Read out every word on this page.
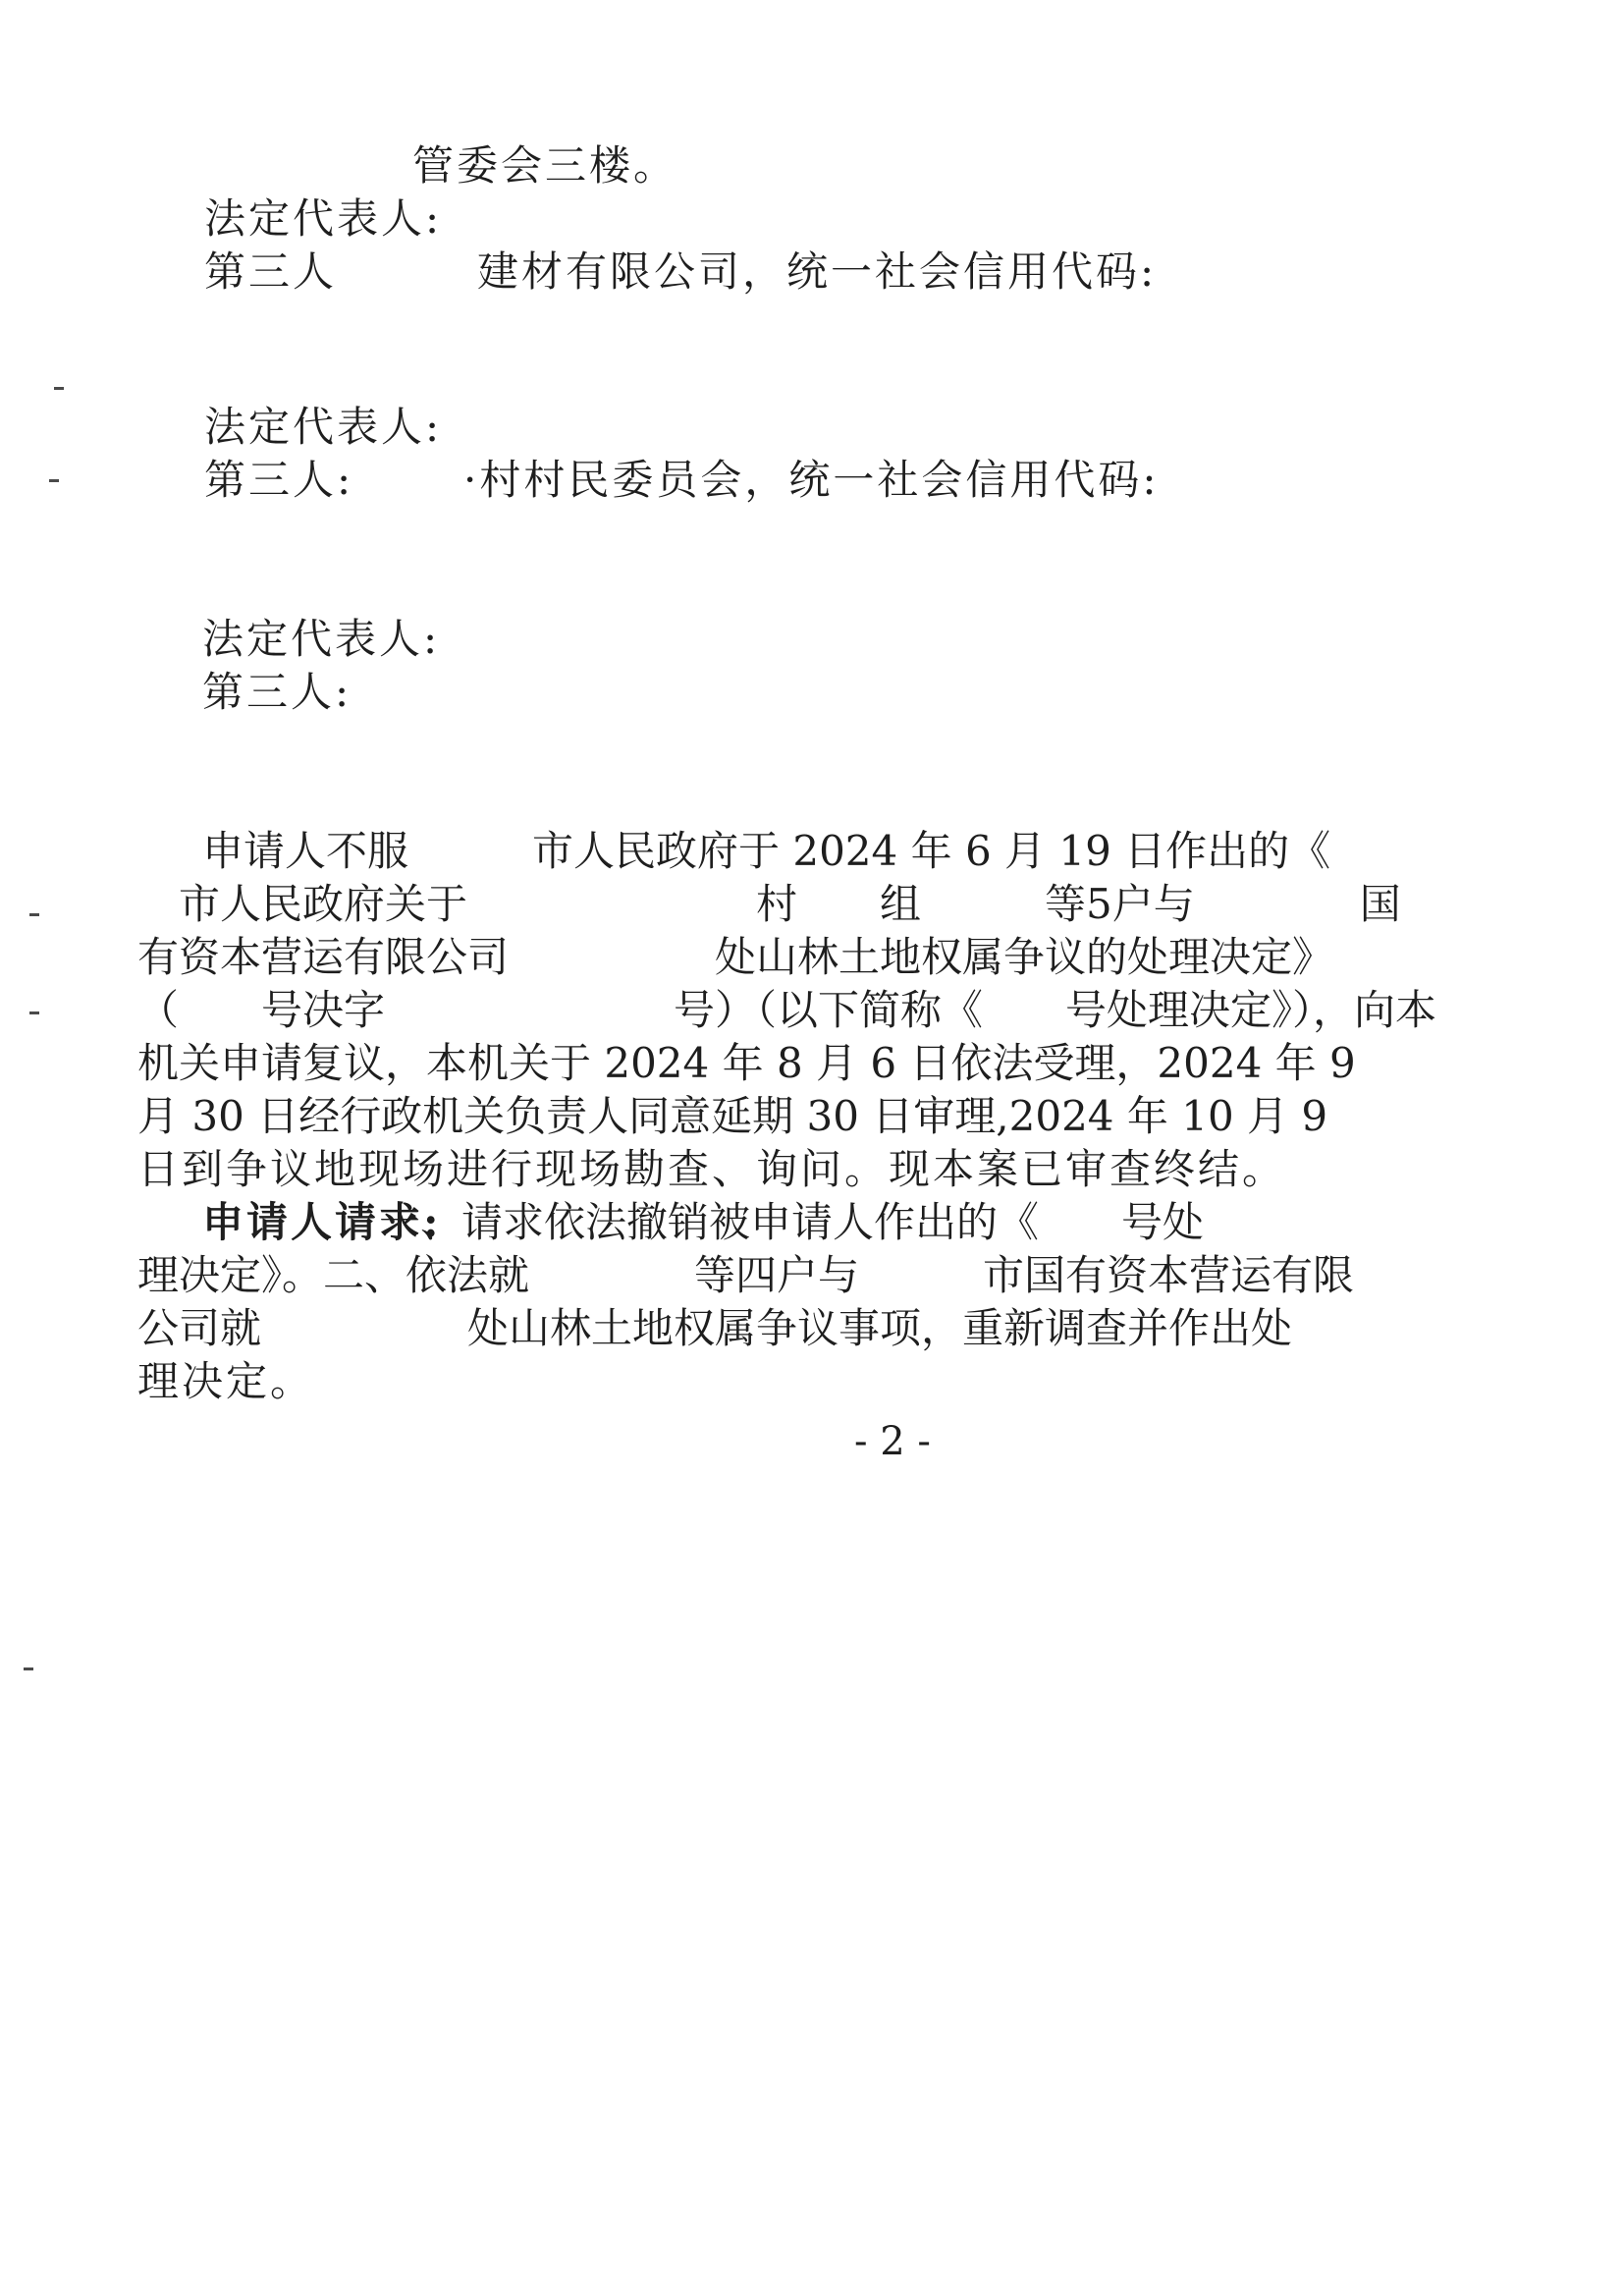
管委会三楼。
法定代表人:
第三人	建材有限公司，统一社会信用代码:
法定代表人:
第三人:	·村村民委员会，统一社会信用代码:
法定代表人:
第三人:
申请人不服　　　市人民政府于 2024 年 6 月 19 日作出的《
　市人民政府关于　　　　　　　村　　组　　　等5户与　　　　国
有资本营运有限公司　　　　　处山林土地权属争议的处理决定》
（　　号决字　　　　　　　号）（以下简称《　　号处理决定》），向本
机关申请复议，本机关于 2024 年 8 月 6 日依法受理，2024 年 9
月 30 日经行政机关负责人同意延期 30 日审理,2024 年 10 月 9
日到争议地现场进行现场勘查、询问。现本案已审查终结。
申请人请求:
一、请求依法撤销被申请人作出的《　　号处
理决定》。二、依法就　　　　等四户与　　　市国有资本营运有限
公司就　　　　　处山林土地权属争议事项，重新调查并作出处
理决定。
- 2 -
